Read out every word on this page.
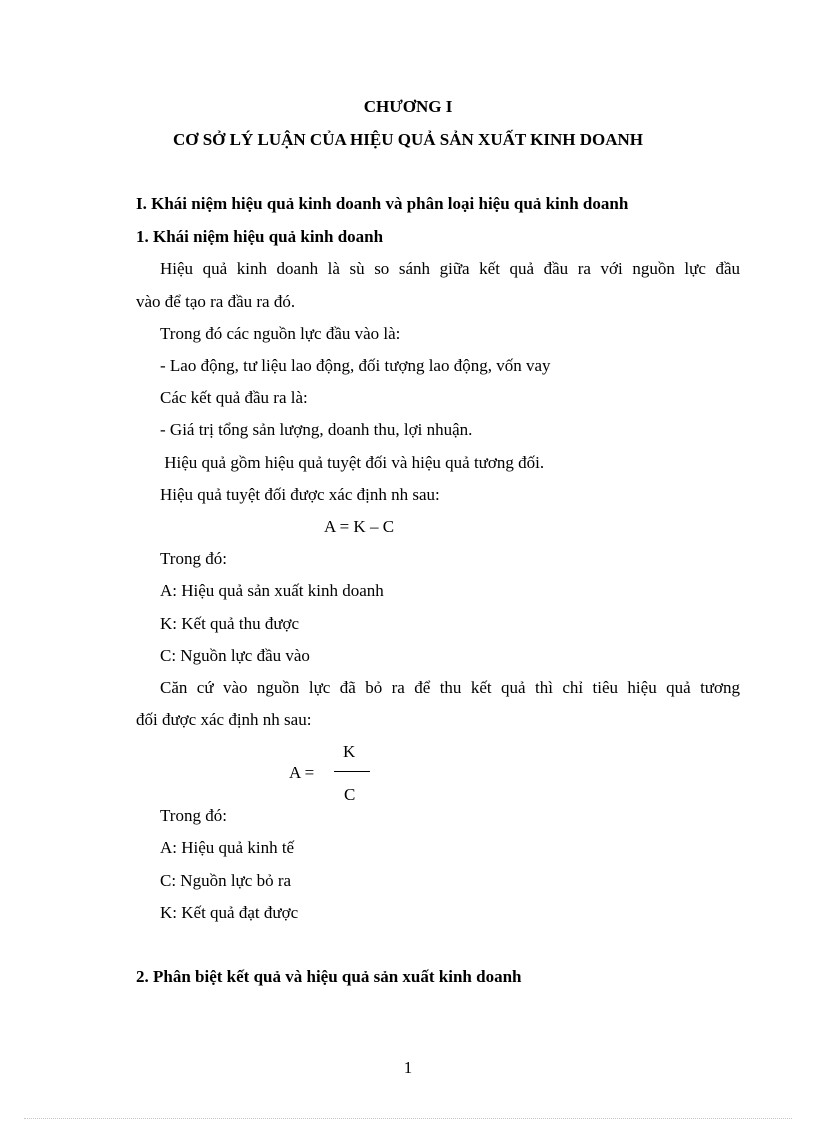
CHƯƠNG I
CƠ SỞ LÝ LUẬN CỦA HIỆU QUẢ SẢN XUẤT KINH DOANH
I. Khái niệm hiệu quả kinh doanh và phân loại hiệu quả kinh doanh
1. Khái niệm hiệu quả kinh doanh
Hiệu quả kinh doanh là sù so sánh giữa kết quả đầu ra với nguồn lực đầu
vào để tạo ra đầu ra đó.
Trong đó các nguồn lực đầu vào là:
- Lao động, tư liệu lao động, đối tượng lao động, vốn vay
Các kết quả đầu ra là:
- Giá trị tổng sản lượng, doanh thu, lợi nhuận.
Hiệu quả gồm hiệu quả tuyệt đối và hiệu quả tương đối.
Hiệu quả tuyệt đối được xác định nh sau:
A = K – C
Trong đó:
A: Hiệu quả sản xuất kinh doanh
K: Kết quả thu được
C: Nguồn lực đầu vào
Căn cứ vào nguồn lực đã bỏ ra để thu kết quả thì chỉ tiêu hiệu quả tương
đối được xác định nh sau:
A =
K
C
Trong đó:
A: Hiệu quả kinh tế
C: Nguồn lực bỏ ra
K: Kết quả đạt được
2. Phân biệt kết quả và hiệu quả sản xuất kinh doanh
1
